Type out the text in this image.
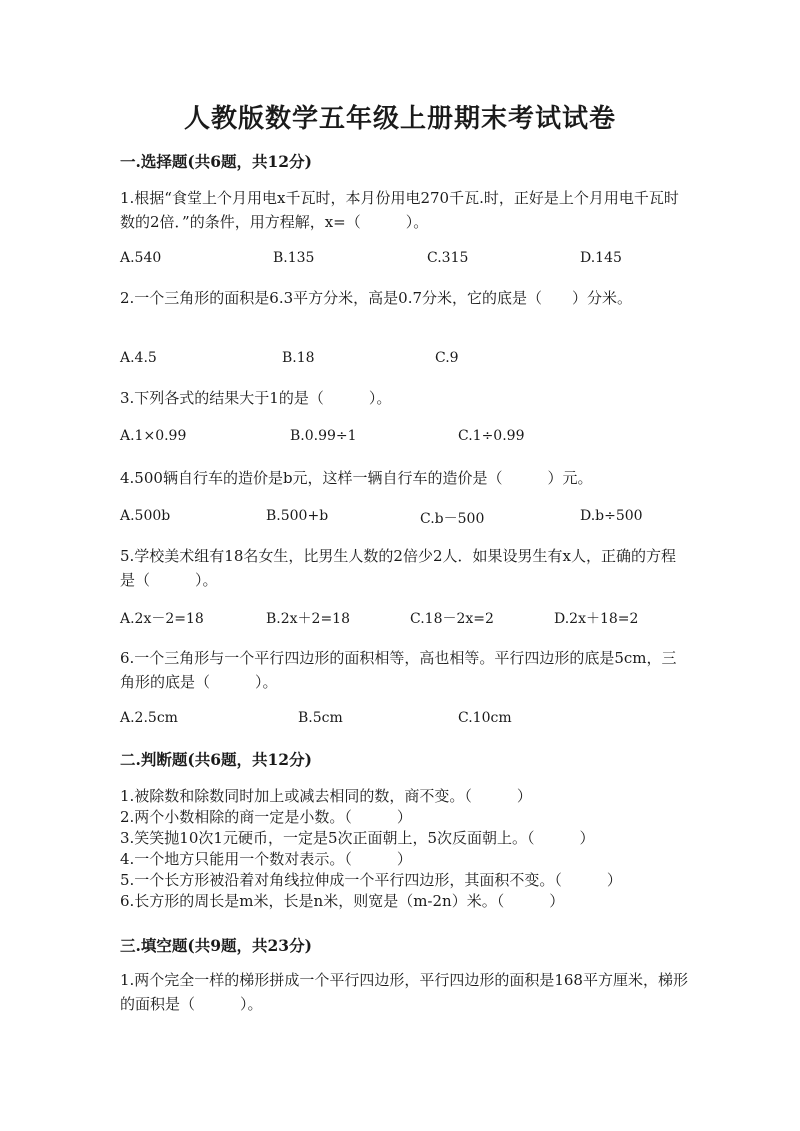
人教版数学五年级上册期末考试试卷
一.选择题(共6题，共12分)
1.根据“食堂上个月用电x千瓦时，本月份用电270千瓦.时，正好是上个月用电千瓦时数的2倍．”的条件，用方程解，x=（　　　）。
A.540	B.135	C.315	D.145
2.一个三角形的面积是6.3平方分米，高是0.7分米，它的底是（　　）分米。
A.4.5	B.18	C.9
3.下列各式的结果大于1的是（　　　）。
A.1×0.99	B.0.99÷1	C.1÷0.99
4.500辆自行车的造价是b元，这样一辆自行车的造价是（　　　）元。
A.500b	B.500+b	C.b－500	D.b÷500
5.学校美术组有18名女生，比男生人数的2倍少2人．如果设男生有x人，正确的方程是（　　　）。
A.2x－2=18	B.2x＋2=18	C.18－2x=2	D.2x＋18=2
6.一个三角形与一个平行四边形的面积相等，高也相等。平行四边形的底是5cm，三角形的底是（　　　）。
A.2.5cm	B.5cm	C.10cm
二.判断题(共6题，共12分)
1.被除数和除数同时加上或减去相同的数，商不变。（　　　）
2.两个小数相除的商一定是小数。（　　　）
3.笑笑抛10次1元硬币，一定是5次正面朝上，5次反面朝上。（　　　）
4.一个地方只能用一个数对表示。（　　　）
5.一个长方形被沿着对角线拉伸成一个平行四边形，其面积不变。（　　　）
6.长方形的周长是m米，长是n米，则宽是（m-2n）米。（　　　）
三.填空题(共9题，共23分)
1.两个完全一样的梯形拼成一个平行四边形，平行四边形的面积是168平方厘米，梯形的面积是（　　　）。
